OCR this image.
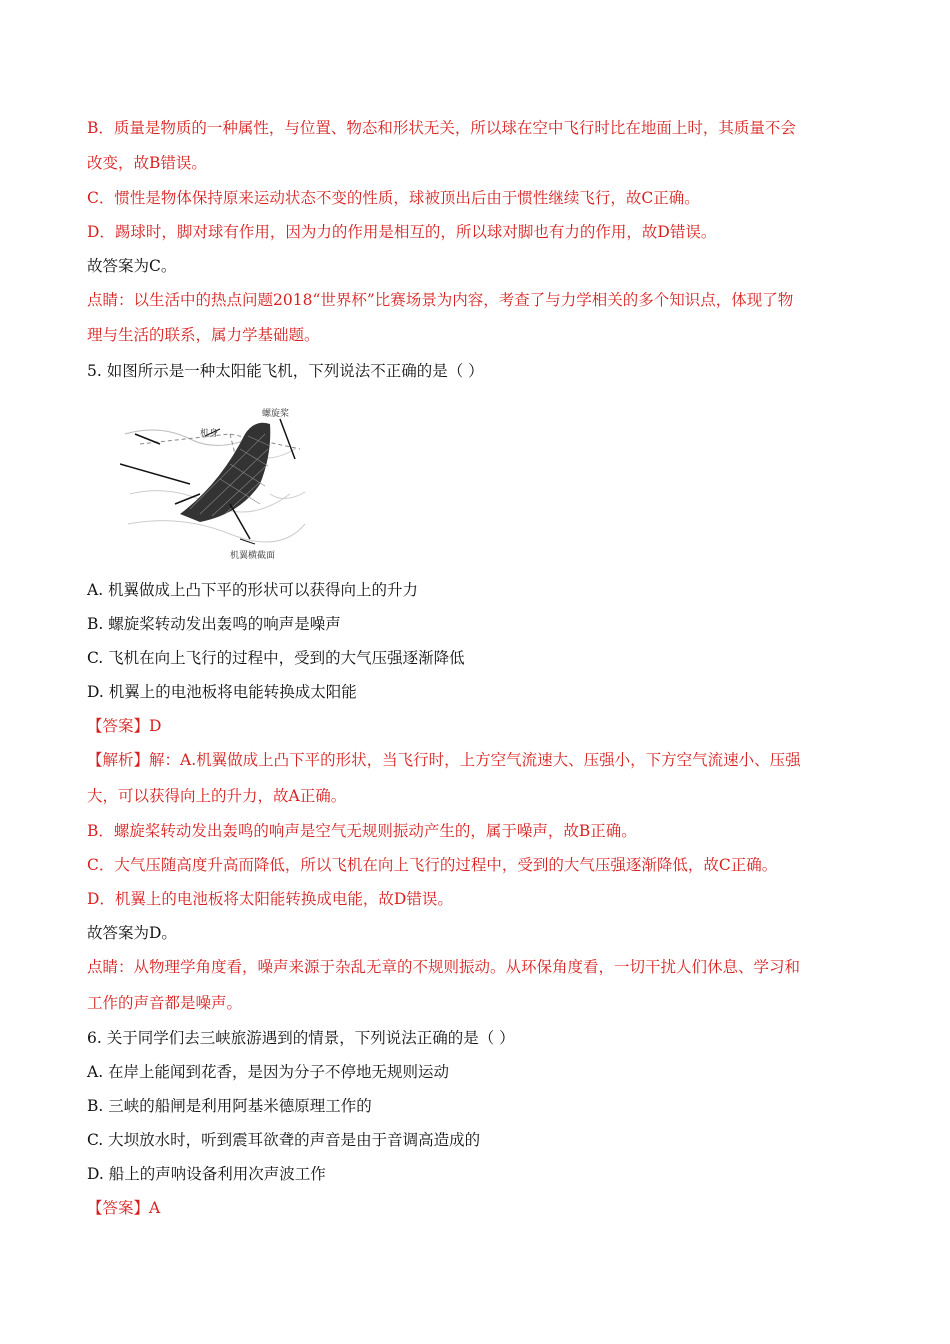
B．质量是物质的一种属性，与位置、物态和形状无关，所以球在空中飞行时比在地面上时，其质量不会
改变，故B错误。
C．惯性是物体保持原来运动状态不变的性质，球被顶出后由于惯性继续飞行，故C正确。
D．踢球时，脚对球有作用，因为力的作用是相互的，所以球对脚也有力的作用，故D错误。
故答案为C。
点睛：以生活中的热点问题2018“世界杯”比赛场景为内容，考查了与力学相关的多个知识点，体现了物
理与生活的联系，属力学基础题。
5. 如图所示是一种太阳能飞机，下列说法不正确的是（ ）
螺旋桨
机身
机翼横截面
A. 机翼做成上凸下平的形状可以获得向上的升力
B. 螺旋桨转动发出轰鸣的响声是噪声
C. 飞机在向上飞行的过程中，受到的大气压强逐渐降低
D. 机翼上的电池板将电能转换成太阳能
【答案】D
【解析】解：A.机翼做成上凸下平的形状，当飞行时，上方空气流速大、压强小，下方空气流速小、压强
大，可以获得向上的升力，故A正确。
B．螺旋桨转动发出轰鸣的响声是空气无规则振动产生的，属于噪声，故B正确。
C．大气压随高度升高而降低，所以飞机在向上飞行的过程中，受到的大气压强逐渐降低，故C正确。
D．机翼上的电池板将太阳能转换成电能，故D错误。
故答案为D。
点睛：从物理学角度看，噪声来源于杂乱无章的不规则振动。从环保角度看，一切干扰人们休息、学习和
工作的声音都是噪声。
6. 关于同学们去三峡旅游遇到的情景，下列说法正确的是（ ）
A. 在岸上能闻到花香，是因为分子不停地无规则运动
B. 三峡的船闸是利用阿基米德原理工作的
C. 大坝放水时，听到震耳欲聋的声音是由于音调高造成的
D. 船上的声呐设备利用次声波工作
【答案】A
